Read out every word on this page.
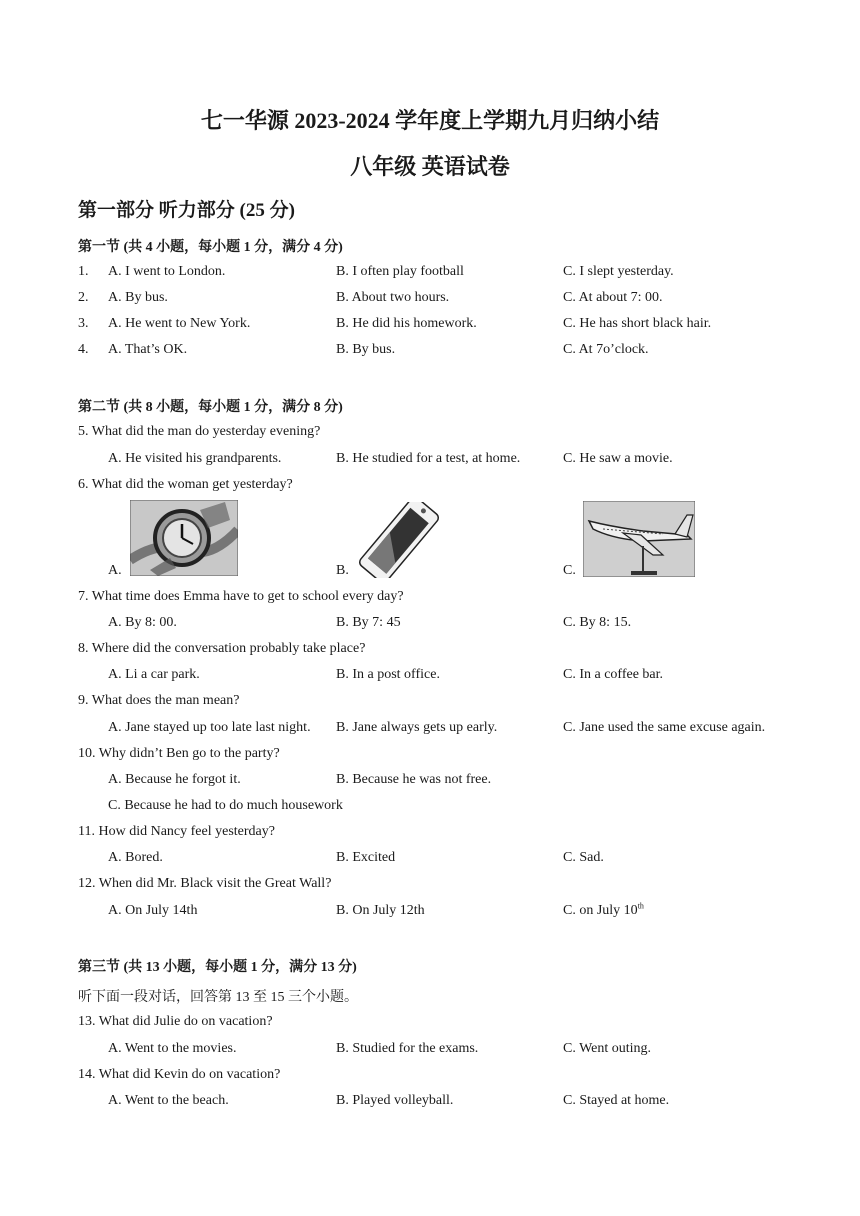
七一华源 2023-2024 学年度上学期九月归纳小结
八年级 英语试卷
第一部分 听力部分 (25 分)
第一节 (共 4 小题，每小题 1 分，满分 4 分)
1. A. I went to London.	B. I often play football	C. I slept yesterday.
2. A. By bus.	B. About two hours.	C. At about 7: 00.
3. A. He went to New York.	B. He did his homework.	C. He has short black hair.
4. A. That’s OK.	B. By bus.	C. At 7o’clock.
第二节 (共 8 小题，每小题 1 分，满分 8 分)
5. What did the man do yesterday evening?
A. He visited his grandparents.	B. He studied for a test, at home.	C. He saw a movie.
6. What did the woman get yesterday?
A.	B.	C.
7. What time does Emma have to get to school every day?
A. By 8: 00.	B. By 7: 45	C. By 8: 15.
8. Where did the conversation probably take place?
A. Li a car park.	B. In a post office.	C. In a coffee bar.
9. What does the man mean?
A. Jane stayed up too late last night. B. Jane always gets up early.	C. Jane used the same excuse again.
10. Why didn’t Ben go to the party?
A. Because he forgot it.	B. Because he was not free.
C. Because he had to do much housework
11. How did Nancy feel yesterday?
A. Bored.	B. Excited	C. Sad.
12. When did Mr. Black visit the Great Wall?
A. On July 14th	B. On July 12th	C. on July 10th
第三节 (共 13 小题，每小题 1 分，满分 13 分)
听下面一段对话，回答第 13 至 15 三个小题。
13. What did Julie do on vacation?
A. Went to the movies.	B. Studied for the exams.	C. Went outing.
14. What did Kevin do on vacation?
A. Went to the beach.	B. Played volleyball.	C. Stayed at home.
